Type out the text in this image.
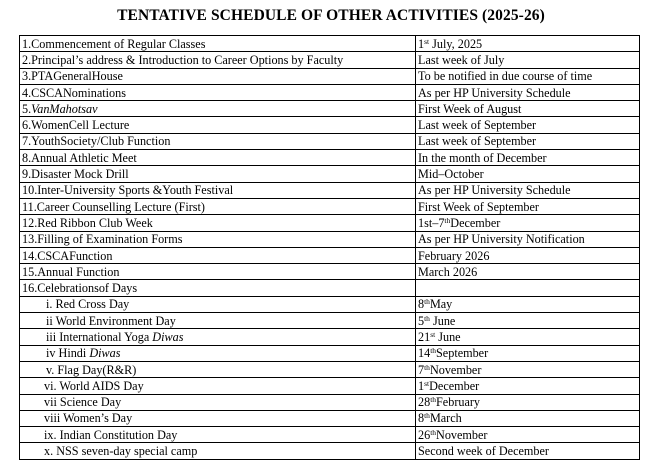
TENTATIVE SCHEDULE OF OTHER ACTIVITIES (2025-26)
1.Commencement of Regular Classes	1st July, 2025
2.Principal’s address & Introduction to Career Options by Faculty	Last week of July
3.PTAGeneralHouse	To be notified in due course of time
4.CSCANominations	As per HP University Schedule
5.VanMahotsav	First Week of August
6.WomenCell Lecture	Last week of September
7.YouthSociety/Club Function	Last week of September
8.Annual Athletic Meet	In the month of December
9.Disaster Mock Drill	Mid–October
10.Inter-University Sports &Youth Festival	As per HP University Schedule
11.Career Counselling Lecture (First)	First Week of September
12.Red Ribbon Club Week	1st–7thDecember
13.Filling of Examination Forms	As per HP University Notification
14.CSCAFunction	February 2026
15.Annual Function	March 2026
16.Celebrationsof Days	
i. Red Cross Day	8thMay
ii World Environment Day	5th June
iii International Yoga Diwas	21st June
iv Hindi Diwas	14thSeptember
v. Flag Day(R&R)	7thNovember
vi. World AIDS Day	1stDecember
vii Science Day	28thFebruary
viii Women’s Day	8thMarch
ix. Indian Constitution Day	26thNovember
x. NSS seven-day special camp	Second week of December
